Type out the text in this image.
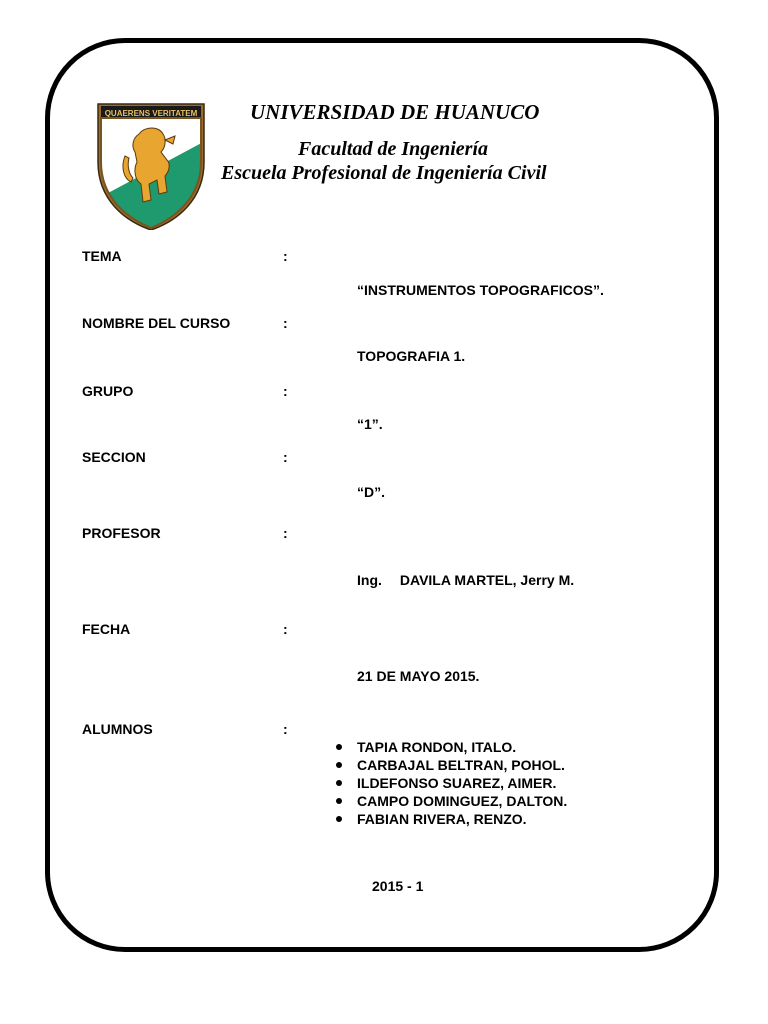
QUAERENS VERITATEM	UNIVERSIDAD DE HUANUCO
Facultad de Ingeniería
Escuela Profesional de Ingeniería Civil
TEMA	:
“INSTRUMENTOS TOPOGRAFICOS”.
NOMBRE DEL CURSO	:
TOPOGRAFIA 1.
GRUPO	:
“1”.
SECCION	:
“D”.
PROFESOR	:
Ing. DAVILA MARTEL, Jerry M.
FECHA	:
21 DE MAYO 2015.
ALUMNOS	:
TAPIA RONDON, ITALO.
CARBAJAL BELTRAN, POHOL.
ILDEFONSO SUAREZ, AIMER.
CAMPO DOMINGUEZ, DALTON.
FABIAN RIVERA, RENZO.
2015 - 1
